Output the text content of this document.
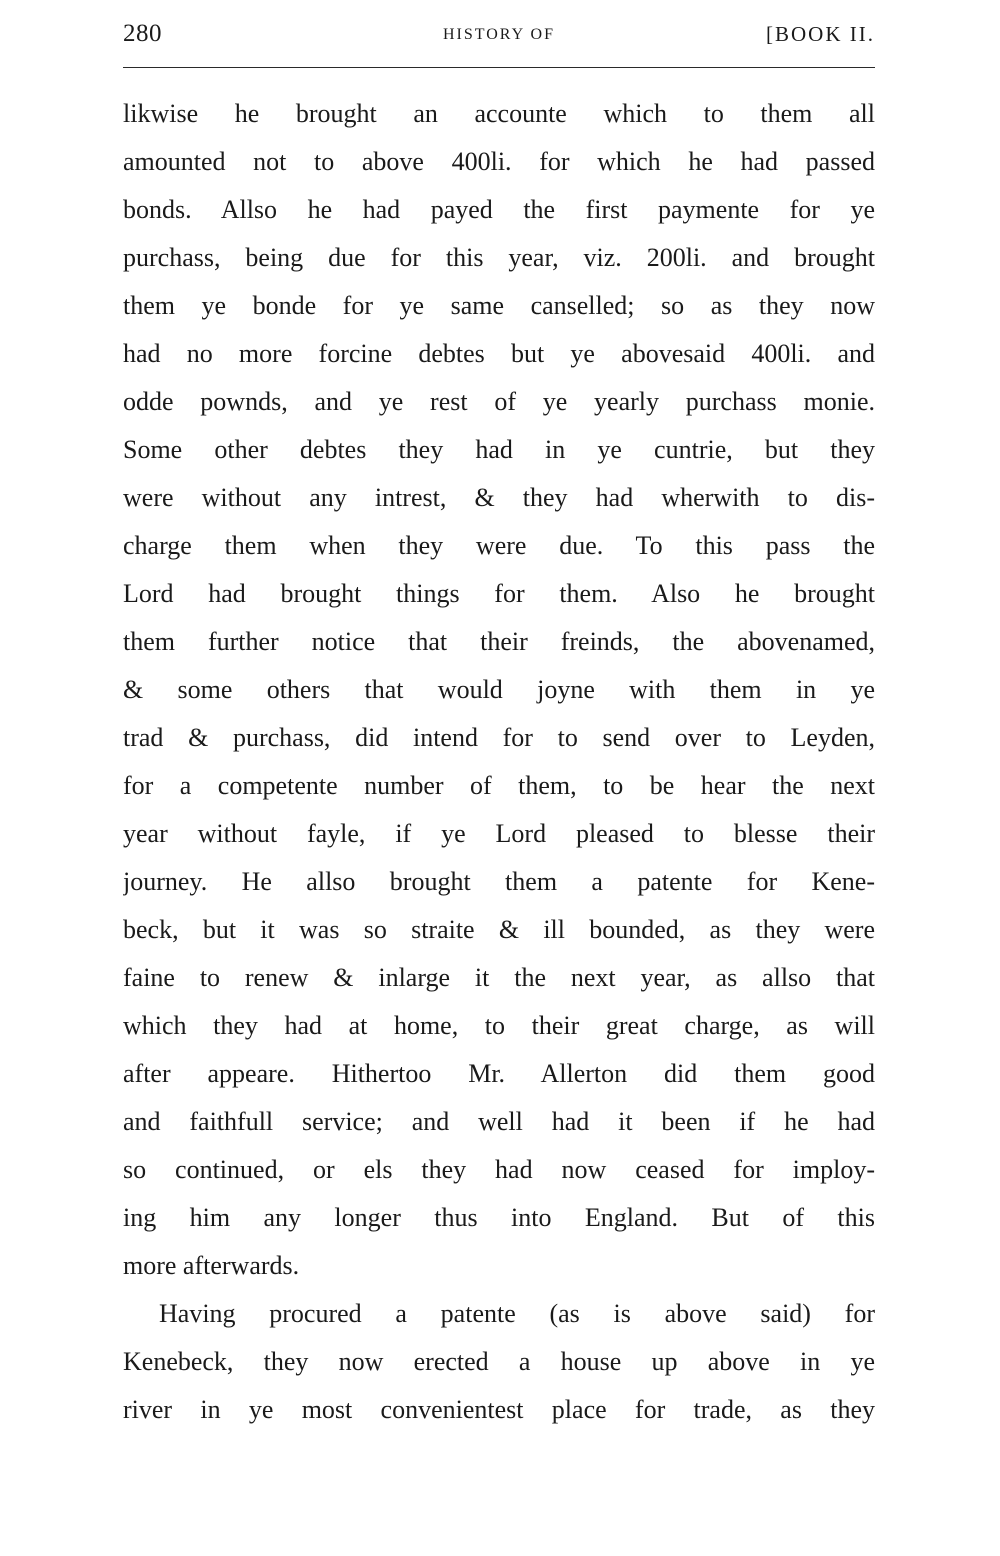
280	HISTORY OF	[BOOK II.
likwise he brought an accounte which to them all
amounted not to above 400li. for which he had passed
bonds. Allso he had payed the first paymente for ye
purchass, being due for this year, viz. 200li. and brought
them ye bonde for ye same canselled; so as they now
had no more forcine debtes but ye abovesaid 400li. and
odde pownds, and ye rest of ye yearly purchass monie.
Some other debtes they had in ye cuntrie, but they
were without any intrest, & they had wherwith to dis-
charge them when they were due. To this pass the
Lord had brought things for them. Also he brought
them further notice that their freinds, the abovenamed,
& some others that would joyne with them in ye
trad & purchass, did intend for to send over to Leyden,
for a competente number of them, to be hear the next
year without fayle, if ye Lord pleased to blesse their
journey. He allso brought them a patente for Kene-
beck, but it was so straite & ill bounded, as they were
faine to renew & inlarge it the next year, as allso that
which they had at home, to their great charge, as will
after appeare. Hithertoo Mr. Allerton did them good
and faithfull service; and well had it been if he had
so continued, or els they had now ceased for imploy-
ing him any longer thus into England. But of this
more afterwards.
Having procured a patente (as is above said) for
Kenebeck, they now erected a house up above in ye
river in ye most convenientest place for trade, as they
